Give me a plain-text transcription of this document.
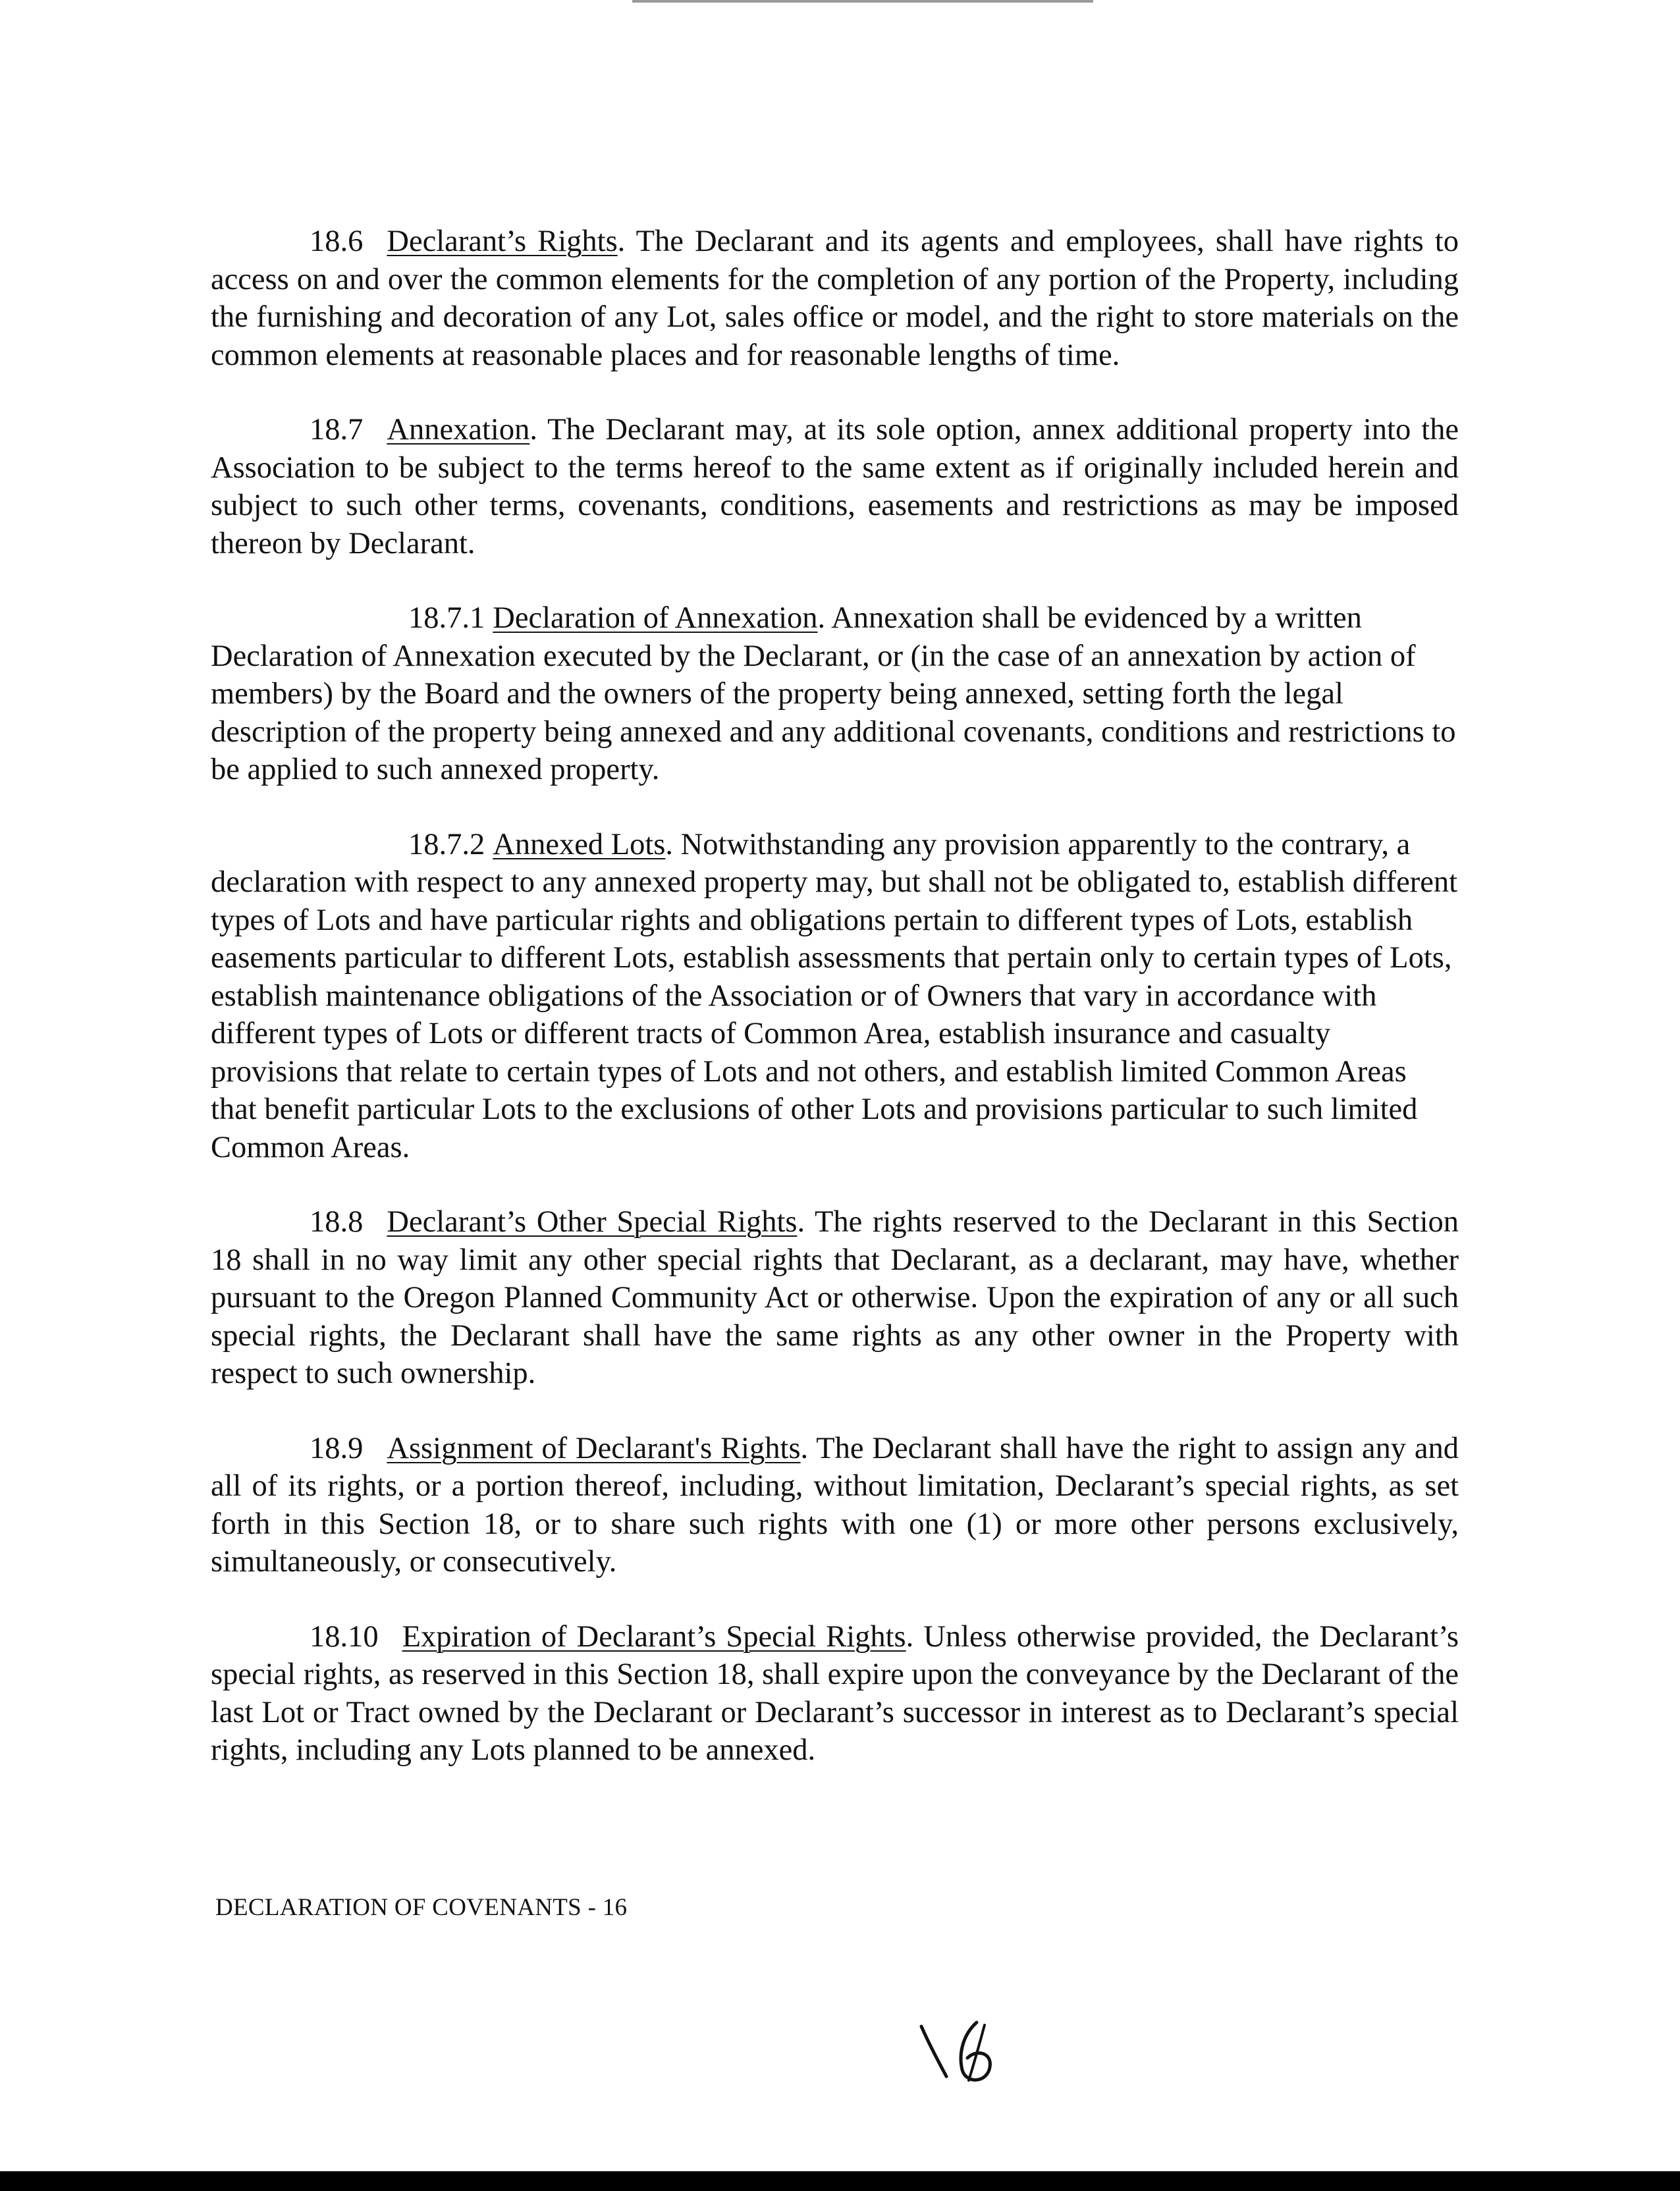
18.6 Declarant’s Rights. The Declarant and its agents and employees, shall have rights to access on and over the common elements for the completion of any portion of the Property, including the furnishing and decoration of any Lot, sales office or model, and the right to store materials on the common elements at reasonable places and for reasonable lengths of time.

18.7 Annexation. The Declarant may, at its sole option, annex additional property into the Association to be subject to the terms hereof to the same extent as if originally included herein and subject to such other terms, covenants, conditions, easements and restrictions as may be imposed thereon by Declarant.

18.7.1 Declaration of Annexation. Annexation shall be evidenced by a written Declaration of Annexation executed by the Declarant, or (in the case of an annexation by action of members) by the Board and the owners of the property being annexed, setting forth the legal description of the property being annexed and any additional covenants, conditions and restrictions to be applied to such annexed property.

18.7.2 Annexed Lots. Notwithstanding any provision apparently to the contrary, a declaration with respect to any annexed property may, but shall not be obligated to, establish different types of Lots and have particular rights and obligations pertain to different types of Lots, establish easements particular to different Lots, establish assessments that pertain only to certain types of Lots, establish maintenance obligations of the Association or of Owners that vary in accordance with different types of Lots or different tracts of Common Area, establish insurance and casualty provisions that relate to certain types of Lots and not others, and establish limited Common Areas that benefit particular Lots to the exclusions of other Lots and provisions particular to such limited Common Areas.

18.8 Declarant’s Other Special Rights. The rights reserved to the Declarant in this Section 18 shall in no way limit any other special rights that Declarant, as a declarant, may have, whether pursuant to the Oregon Planned Community Act or otherwise. Upon the expiration of any or all such special rights, the Declarant shall have the same rights as any other owner in the Property with respect to such ownership.

18.9 Assignment of Declarant's Rights. The Declarant shall have the right to assign any and all of its rights, or a portion thereof, including, without limitation, Declarant’s special rights, as set forth in this Section 18, or to share such rights with one (1) or more other persons exclusively, simultaneously, or consecutively.

18.10 Expiration of Declarant’s Special Rights. Unless otherwise provided, the Declarant’s special rights, as reserved in this Section 18, shall expire upon the conveyance by the Declarant of the last Lot or Tract owned by the Declarant or Declarant’s successor in interest as to Declarant’s special rights, including any Lots planned to be annexed.

DECLARATION OF COVENANTS - 16
